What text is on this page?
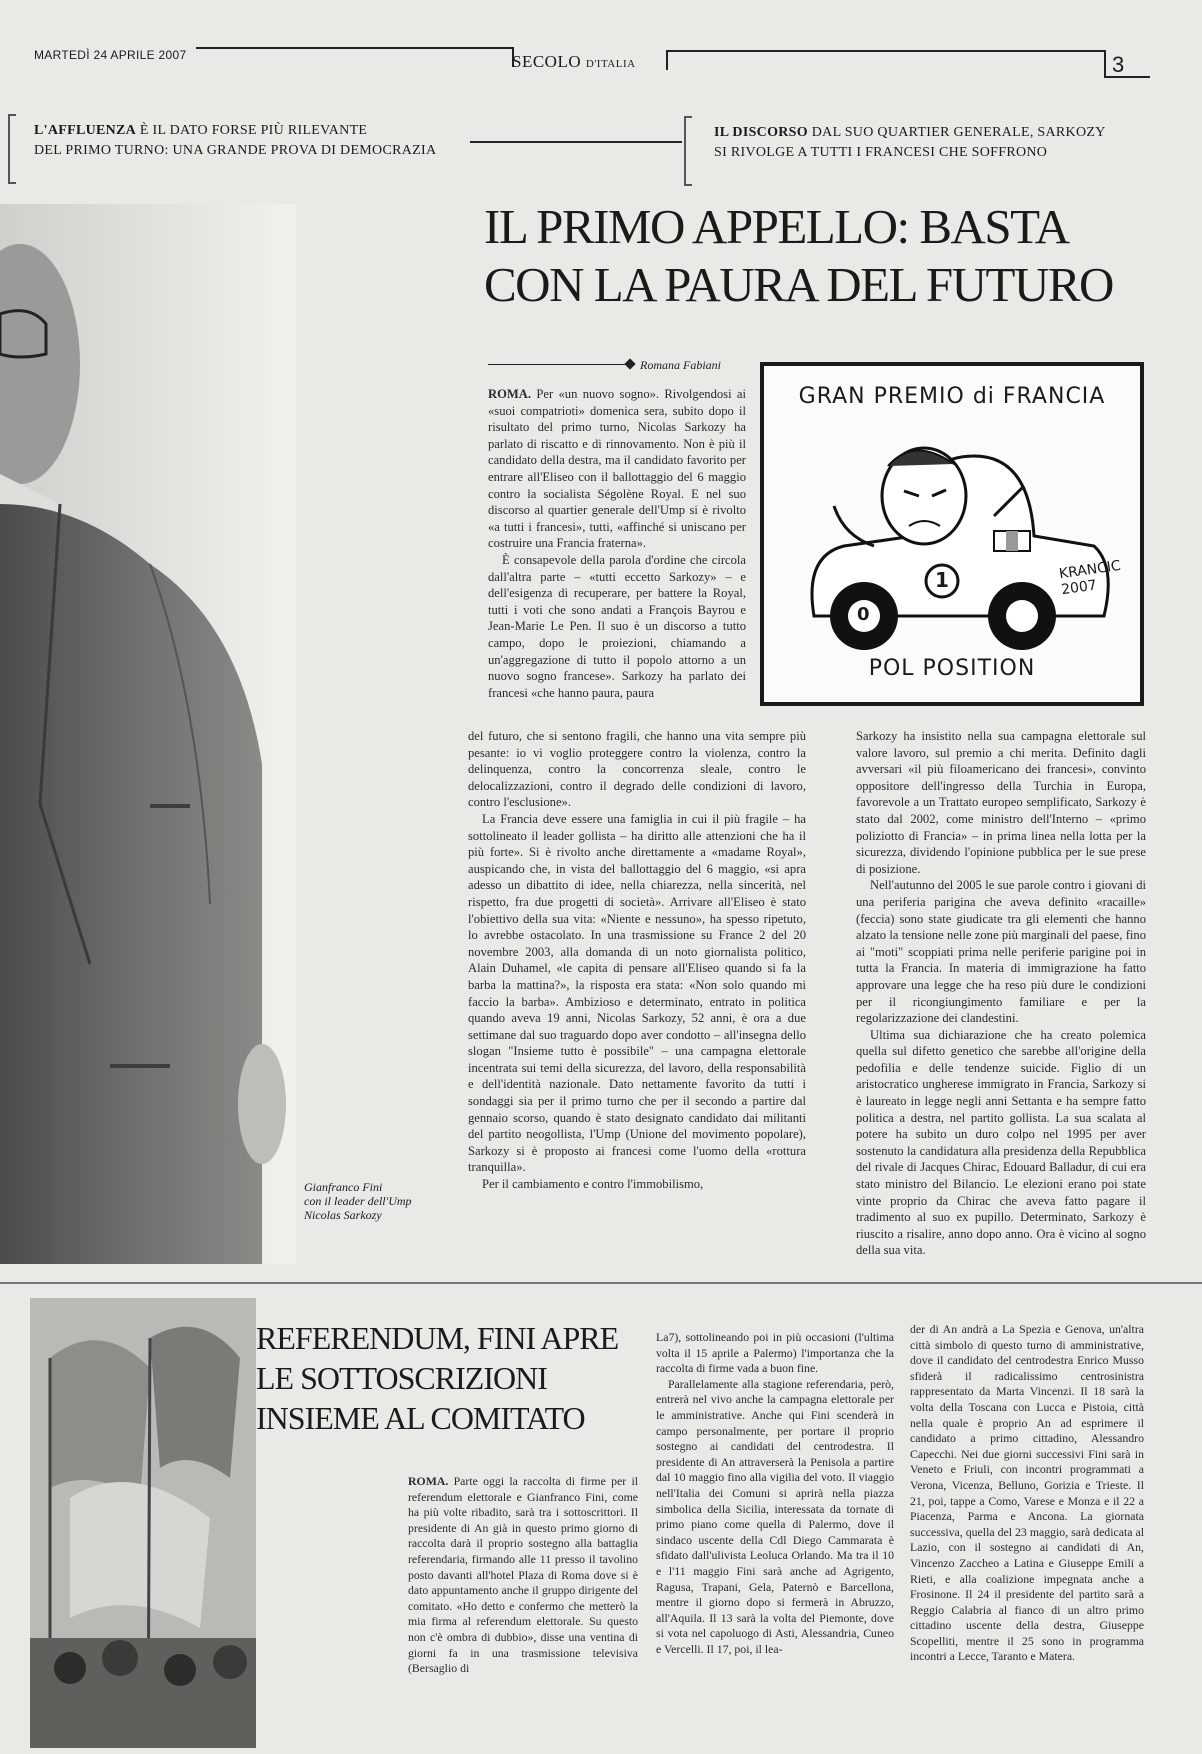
MARTEDÌ 24 APRILE 2007	SECOLO D'ITALIA	3
L'AFFLUENZA È IL DATO FORSE PIÙ RILEVANTE
DEL PRIMO TURNO: UNA GRANDE PROVA DI DEMOCRAZIA
IL DISCORSO DAL SUO QUARTIER GENERALE, SARKOZY
SI RIVOLGE A TUTTI I FRANCESI CHE SOFFRONO
Gianfranco Fini
con il leader dell'Ump
Nicolas Sarkozy
IL PRIMO APPELLO: BASTA
CON LA PAURA DEL FUTURO
Romana Fabiani
GRAN PREMIO di FRANCIA
1
0
KRANCIC
2007
POL POSITION

ROMA. Per «un nuovo sogno». Rivolgendosi ai «suoi compatrioti» domenica sera, subito dopo il risultato del primo turno, Nicolas Sarkozy ha parlato di riscatto e di rinnovamento. Non è più il candidato della destra, ma il candidato favorito per entrare all'Eliseo con il ballottaggio del 6 maggio contro la socialista Ségolène Royal. E nel suo discorso al quartier generale dell'Ump si è rivolto «a tutti i francesi», tutti, «affinché si uniscano per costruire una Francia fraterna».

È consapevole della parola d'ordine che circola dall'altra parte – «tutti eccetto Sarkozy» – e dell'esigenza di recuperare, per battere la Royal, tutti i voti che sono andati a François Bayrou e Jean-Marie Le Pen. Il suo è un discorso a tutto campo, dopo le proiezioni, chiamando a un'aggregazione di tutto il popolo attorno a un nuovo sogno francese». Sarkozy ha parlato dei francesi «che hanno paura, paura

del futuro, che si sentono fragili, che hanno una vita sempre più pesante: io vi voglio proteggere contro la violenza, contro la delinquenza, contro la concorrenza sleale, contro le delocalizzazioni, contro il degrado delle condizioni di lavoro, contro l'esclusione».

La Francia deve essere una famiglia in cui il più fragile – ha sottolineato il leader gollista – ha diritto alle attenzioni che ha il più forte». Si è rivolto anche direttamente a «madame Royal», auspicando che, in vista del ballottaggio del 6 maggio, «si apra adesso un dibattito di idee, nella chiarezza, nella sincerità, nel rispetto, fra due progetti di società». Arrivare all'Eliseo è stato l'obiettivo della sua vita: «Niente e nessuno», ha spesso ripetuto, lo avrebbe ostacolato. In una trasmissione su France 2 del 20 novembre 2003, alla domanda di un noto giornalista politico, Alain Duhamel, «le capita di pensare all'Eliseo quando si fa la barba la mattina?», la risposta era stata: «Non solo quando mi faccio la barba». Ambizioso e determinato, entrato in politica quando aveva 19 anni, Nicolas Sarkozy, 52 anni, è ora a due settimane dal suo traguardo dopo aver condotto – all'insegna dello slogan "Insieme tutto è possibile" – una campagna elettorale incentrata sui temi della sicurezza, del lavoro, della responsabilità e dell'identità nazionale. Dato nettamente favorito da tutti i sondaggi sia per il primo turno che per il secondo a partire dal gennaio scorso, quando è stato designato candidato dai militanti del partito neogollista, l'Ump (Unione del movimento popolare), Sarkozy si è proposto ai francesi come l'uomo della «rottura tranquilla».

Per il cambiamento e contro l'immobilismo,

Sarkozy ha insistito nella sua campagna elettorale sul valore lavoro, sul premio a chi merita. Definito dagli avversari «il più filoamericano dei francesi», convinto oppositore dell'ingresso della Turchia in Europa, favorevole a un Trattato europeo semplificato, Sarkozy è stato dal 2002, come ministro dell'Interno – «primo poliziotto di Francia» – in prima linea nella lotta per la sicurezza, dividendo l'opinione pubblica per le sue prese di posizione.

Nell'autunno del 2005 le sue parole contro i giovani di una periferia parigina che aveva definito «racaille» (feccia) sono state giudicate tra gli elementi che hanno alzato la tensione nelle zone più marginali del paese, fino ai "moti" scoppiati prima nelle periferie parigine poi in tutta la Francia. In materia di immigrazione ha fatto approvare una legge che ha reso più dure le condizioni per il ricongiungimento familiare e per la regolarizzazione dei clandestini.

Ultima sua dichiarazione che ha creato polemica quella sul difetto genetico che sarebbe all'origine della pedofilia e delle tendenze suicide. Figlio di un aristocratico ungherese immigrato in Francia, Sarkozy si è laureato in legge negli anni Settanta e ha sempre fatto politica a destra, nel partito gollista. La sua scalata al potere ha subito un duro colpo nel 1995 per aver sostenuto la candidatura alla presidenza della Repubblica del rivale di Jacques Chirac, Edouard Balladur, di cui era stato ministro del Bilancio. Le elezioni erano poi state vinte proprio da Chirac che aveva fatto pagare il tradimento al suo ex pupillo. Determinato, Sarkozy è riuscito a risalire, anno dopo anno. Ora è vicino al sogno della sua vita.

REFERENDUM, FINI APRE
LE SOTTOSCRIZIONI
INSIEME AL COMITATO

ROMA. Parte oggi la raccolta di firme per il referendum elettorale e Gianfranco Fini, come ha più volte ribadito, sarà tra i sottoscrittori. Il presidente di An già in questo primo giorno di raccolta darà il proprio sostegno alla battaglia referendaria, firmando alle 11 presso il tavolino posto davanti all'hotel Plaza di Roma dove si è dato appuntamento anche il gruppo dirigente del comitato. «Ho detto e confermo che metterò la mia firma al referendum elettorale. Su questo non c'è ombra di dubbio», disse una ventina di giorni fa in una trasmissione televisiva (Bersaglio di

La7), sottolineando poi in più occasioni (l'ultima volta il 15 aprile a Palermo) l'importanza che la raccolta di firme vada a buon fine.

Parallelamente alla stagione referendaria, però, entrerà nel vivo anche la campagna elettorale per le amministrative. Anche qui Fini scenderà in campo personalmente, per portare il proprio sostegno ai candidati del centrodestra. Il presidente di An attraverserà la Penisola a partire dal 10 maggio fino alla vigilia del voto. Il viaggio nell'Italia dei Comuni si aprirà nella piazza simbolica della Sicilia, interessata da tornate di primo piano come quella di Palermo, dove il sindaco uscente della Cdl Diego Cammarata è sfidato dall'ulivista Leoluca Orlando. Ma tra il 10 e l'11 maggio Fini sarà anche ad Agrigento, Ragusa, Trapani, Gela, Paternò e Barcellona, mentre il giorno dopo si fermerà in Abruzzo, all'Aquila. Il 13 sarà la volta del Piemonte, dove si vota nel capoluogo di Asti, Alessandria, Cuneo e Vercelli. Il 17, poi, il lea-

der di An andrà a La Spezia e Genova, un'altra città simbolo di questo turno di amministrative, dove il candidato del centrodestra Enrico Musso sfiderà il radicalissimo centrosinistra rappresentato da Marta Vincenzi. Il 18 sarà la volta della Toscana con Lucca e Pistoia, città nella quale è proprio An ad esprimere il candidato a primo cittadino, Alessandro Capecchi. Nei due giorni successivi Fini sarà in Veneto e Friuli, con incontri programmati a Verona, Vicenza, Belluno, Gorizia e Trieste. Il 21, poi, tappe a Como, Varese e Monza e il 22 a Piacenza, Parma e Ancona. La giornata successiva, quella del 23 maggio, sarà dedicata al Lazio, con il sostegno ai candidati di An, Vincenzo Zaccheo a Latina e Giuseppe Emili a Rieti, e alla coalizione impegnata anche a Frosinone. Il 24 il presidente del partito sarà a Reggio Calabria al fianco di un altro primo cittadino uscente della destra, Giuseppe Scopelliti, mentre il 25 sono in programma incontri a Lecce, Taranto e Matera.
